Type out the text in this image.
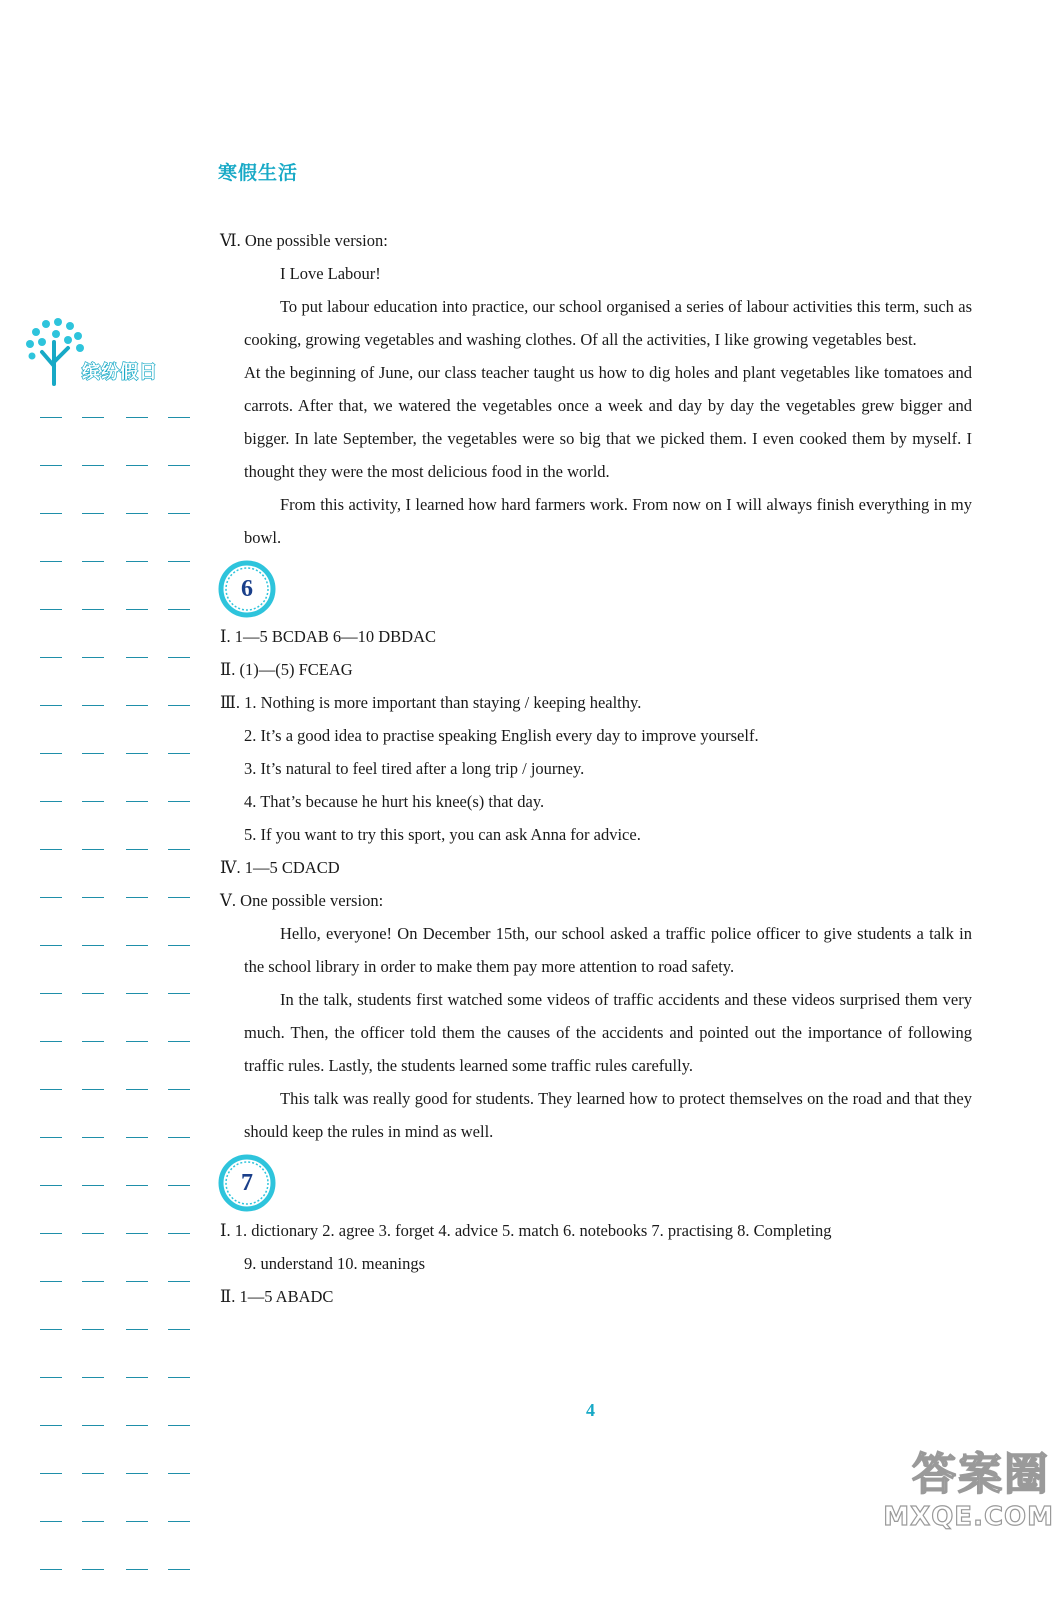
寒假生活
缤纷假日
Ⅵ. One possible version:
I Love Labour!
To put labour education into practice, our school organised a series of labour activities this term, such as cooking, growing vegetables and washing clothes. Of all the activities, I like growing vegetables best.
At the beginning of June, our class teacher taught us how to dig holes and plant vegetables like tomatoes and carrots. After that, we watered the vegetables once a week and day by day the vegetables grew bigger and bigger. In late September, the vegetables were so big that we picked them. I even cooked them by myself. I thought they were the most delicious food in the world.
From this activity, I learned how hard farmers work. From now on I will always finish everything in my bowl.
6
Ⅰ. 1—5 BCDAB 6—10 DBDAC
Ⅱ. (1)—(5) FCEAG
Ⅲ. 1. Nothing is more important than staying / keeping healthy.
2. It’s a good idea to practise speaking English every day to improve yourself.
3. It’s natural to feel tired after a long trip / journey.
4. That’s because he hurt his knee(s) that day.
5. If you want to try this sport, you can ask Anna for advice.
Ⅳ. 1—5 CDACD
Ⅴ. One possible version:
Hello, everyone! On December 15th, our school asked a traffic police officer to give students a talk in the school library in order to make them pay more attention to road safety.
In the talk, students first watched some videos of traffic accidents and these videos surprised them very much. Then, the officer told them the causes of the accidents and pointed out the importance of following traffic rules. Lastly, the students learned some traffic rules carefully.
This talk was really good for students. They learned how to protect themselves on the road and that they should keep the rules in mind as well.
7
Ⅰ. 1. dictionary 2. agree 3. forget 4. advice 5. match 6. notebooks 7. practising 8. Completing
9. understand 10. meanings
Ⅱ. 1—5 ABADC
4
答案圈
MXQE.COM
